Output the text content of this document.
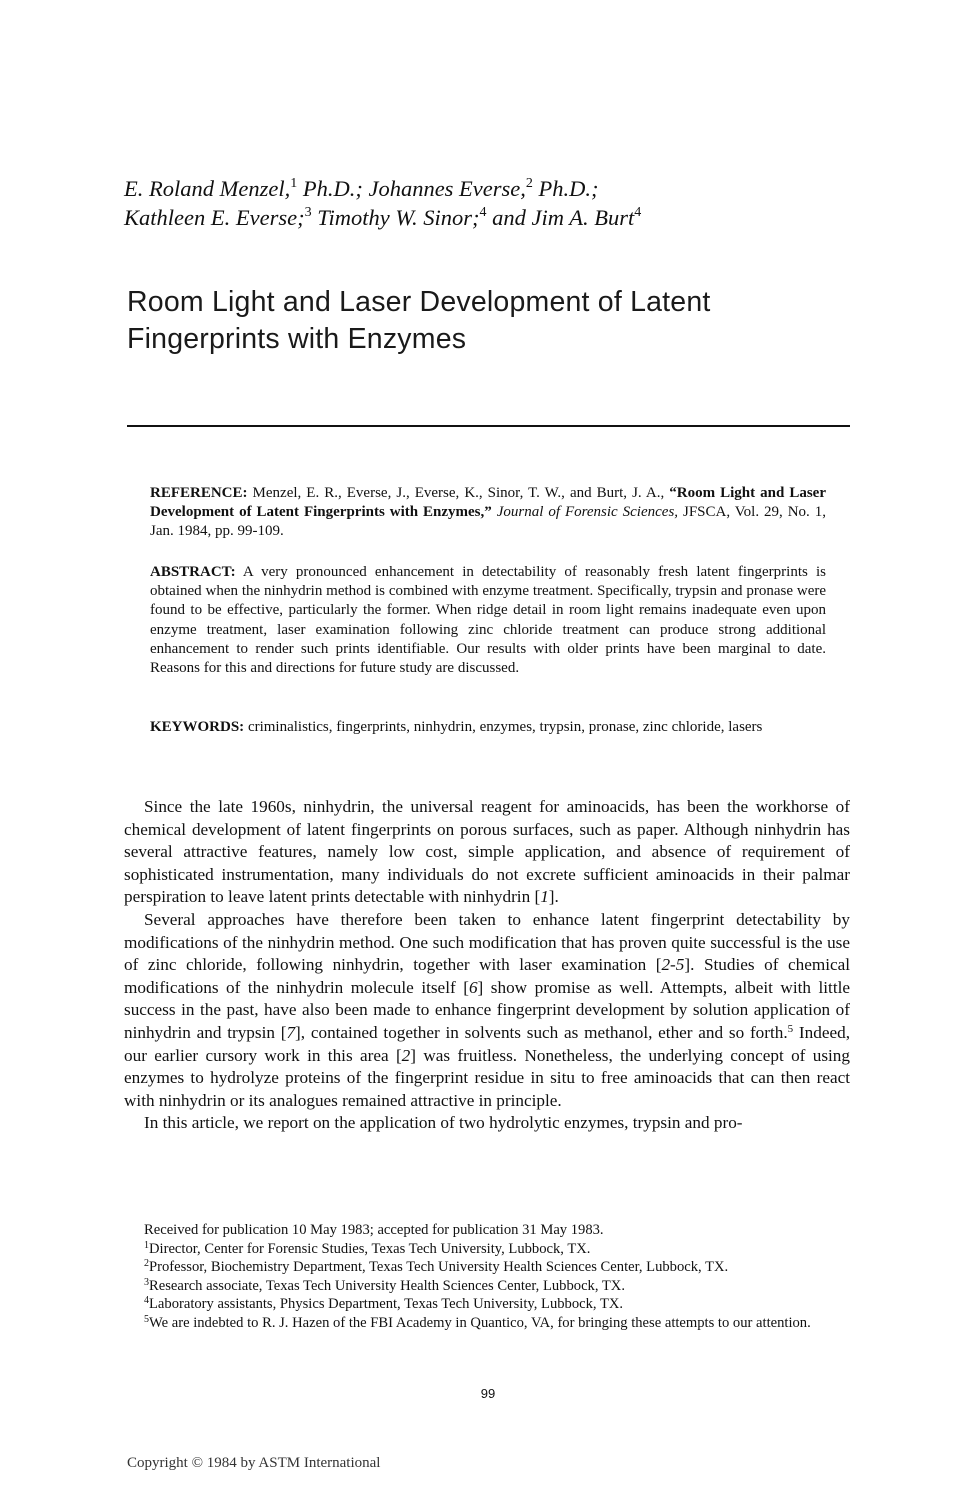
E. Roland Menzel,$^1$ Ph.D.; Johannes Everse,$^2$ Ph.D.;
Kathleen E. Everse;$^3$ Timothy W. Sinor;$^4$ and Jim A. Burt$^4$
Room Light and Laser Development of Latent
Fingerprints with Enzymes
REFERENCE: Menzel, E. R., Everse, J., Everse, K., Sinor, T. W., and Burt, J. A., “Room Light and Laser Development of Latent Fingerprints with Enzymes,” Journal of Forensic Sciences, JFSCA, Vol. 29, No. 1, Jan. 1984, pp. 99-109.
ABSTRACT: A very pronounced enhancement in detectability of reasonably fresh latent fingerprints is obtained when the ninhydrin method is combined with enzyme treatment. Specifically, trypsin and pronase were found to be effective, particularly the former. When ridge detail in room light remains inadequate even upon enzyme treatment, laser examination following zinc chloride treatment can produce strong additional enhancement to render such prints identifiable. Our results with older prints have been marginal to date. Reasons for this and directions for future study are discussed.
KEYWORDS: criminalistics, fingerprints, ninhydrin, enzymes, trypsin, pronase, zinc chloride, lasers

Since the late 1960s, ninhydrin, the universal reagent for aminoacids, has been the workhorse of chemical development of latent fingerprints on porous surfaces, such as paper. Although ninhydrin has several attractive features, namely low cost, simple application, and absence of requirement of sophisticated instrumentation, many individuals do not excrete sufficient aminoacids in their palmar perspiration to leave latent prints detectable with ninhydrin [1].

Several approaches have therefore been taken to enhance latent fingerprint detectability by modifications of the ninhydrin method. One such modification that has proven quite successful is the use of zinc chloride, following ninhydrin, together with laser examination [2-5]. Studies of chemical modifications of the ninhydrin molecule itself [6] show promise as well. Attempts, albeit with little success in the past, have also been made to enhance fingerprint development by solution application of ninhydrin and trypsin [7], contained together in solvents such as methanol, ether and so forth.$^5$ Indeed, our earlier cursory work in this area [2] was fruitless. Nonetheless, the underlying concept of using enzymes to hydrolyze proteins of the fingerprint residue in situ to free aminoacids that can then react with ninhydrin or its analogues remained attractive in principle.

In this article, we report on the application of two hydrolytic enzymes, trypsin and pro-

Received for publication 10 May 1983; accepted for publication 31 May 1983.

$^1$Director, Center for Forensic Studies, Texas Tech University, Lubbock, TX.

$^2$Professor, Biochemistry Department, Texas Tech University Health Sciences Center, Lubbock, TX.

$^3$Research associate, Texas Tech University Health Sciences Center, Lubbock, TX.

$^4$Laboratory assistants, Physics Department, Texas Tech University, Lubbock, TX.

$^5$We are indebted to R. J. Hazen of the FBI Academy in Quantico, VA, for bringing these attempts to our attention.

99
Copyright © 1984 by ASTM International
